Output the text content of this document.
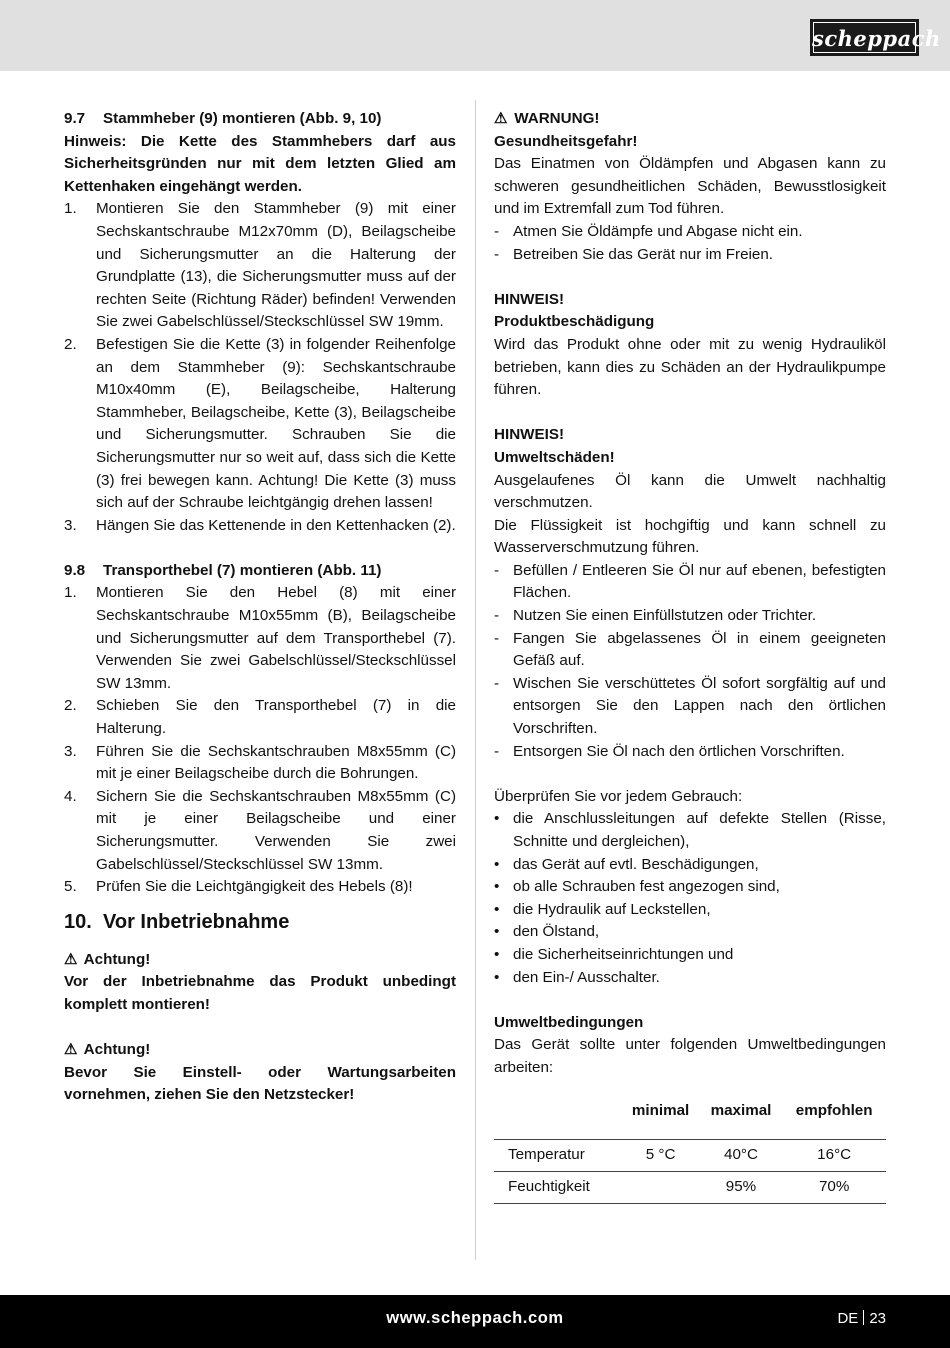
scheppach
9.7	Stammheber (9) montieren (Abb. 9, 10)

Hinweis: Die Kette des Stammhebers darf aus Sicherheitsgründen nur mit dem letzten Glied am Kettenhaken eingehängt werden.

1.	Montieren Sie den Stammheber (9) mit einer Sechskantschraube M12x70mm (D), Beilagscheibe und Sicherungsmutter an die Halterung der Grundplatte (13), die Sicherungsmutter muss auf der rechten Seite (Richtung Räder) befinden! Verwenden Sie zwei Gabelschlüssel/Steckschlüssel SW 19mm.
2.	Befestigen Sie die Kette (3) in folgender Reihenfolge an dem Stammheber (9): Sechskantschraube M10x40mm (E), Beilagscheibe, Halterung Stammheber, Beilagscheibe, Kette (3), Beilagscheibe und Sicherungsmutter. Schrauben Sie die Sicherungsmutter nur so weit auf, dass sich die Kette (3) frei bewegen kann. Achtung! Die Kette (3) muss sich auf der Schraube leichtgängig drehen lassen!
3.	Hängen Sie das Kettenende in den Kettenhacken (2).
9.8	Transporthebel (7) montieren (Abb. 11)
1.	Montieren Sie den Hebel (8) mit einer Sechskantschraube M10x55mm (B), Beilagscheibe und Sicherungsmutter auf dem Transporthebel (7). Verwenden Sie zwei Gabelschlüssel/Steckschlüssel SW 13mm.
2.	Schieben Sie den Transporthebel (7) in die Halterung.
3.	Führen Sie die Sechskantschrauben M8x55mm (C) mit je einer Beilagscheibe durch die Bohrungen.
4.	Sichern Sie die Sechskantschrauben M8x55mm (C) mit je einer Beilagscheibe und einer Sicherungsmutter. Verwenden Sie zwei Gabelschlüssel/Steckschlüssel SW 13mm.
5.	Prüfen Sie die Leichtgängigkeit des Hebels (8)!
10. Vor Inbetriebnahme

⚠ Achtung!

Vor der Inbetriebnahme das Produkt unbedingt komplett montieren!

⚠ Achtung!

Bevor Sie Einstell- oder Wartungsarbeiten vornehmen, ziehen Sie den Netzstecker!

⚠ WARNUNG!

Gesundheitsgefahr!

Das Einatmen von Öldämpfen und Abgasen kann zu schweren gesundheitlichen Schäden, Bewusstlosigkeit und im Extremfall zum Tod führen.

- Atmen Sie Öldämpfe und Abgase nicht ein.
- Betreiben Sie das Gerät nur im Freien.

HINWEIS!

Produktbeschädigung

Wird das Produkt ohne oder mit zu wenig Hydrauliköl betrieben, kann dies zu Schäden an der Hydraulikpumpe führen.

HINWEIS!

Umweltschäden!

Ausgelaufenes Öl kann die Umwelt nachhaltig verschmutzen.

Die Flüssigkeit ist hochgiftig und kann schnell zu Wasserverschmutzung führen.

- Befüllen / Entleeren Sie Öl nur auf ebenen, befestigten Flächen.
- Nutzen Sie einen Einfüllstutzen oder Trichter.
- Fangen Sie abgelassenes Öl in einem geeigneten Gefäß auf.
- Wischen Sie verschüttetes Öl sofort sorgfältig auf und entsorgen Sie den Lappen nach den örtlichen Vorschriften.
- Entsorgen Sie Öl nach den örtlichen Vorschriften.

Überprüfen Sie vor jedem Gebrauch:

• die Anschlussleitungen auf defekte Stellen (Risse, Schnitte und dergleichen),
• das Gerät auf evtl. Beschädigungen,
• ob alle Schrauben fest angezogen sind,
• die Hydraulik auf Leckstellen,
• den Ölstand,
• die Sicherheitseinrichtungen und
• den Ein-/ Ausschalter.

Umweltbedingungen

Das Gerät sollte unter folgenden Umweltbedingungen arbeiten:

	minimal	maximal	empfohlen
Temperatur	5 °C	40°C	16°C
Feuchtigkeit		95%	70%
www.scheppach.com	DE 23
